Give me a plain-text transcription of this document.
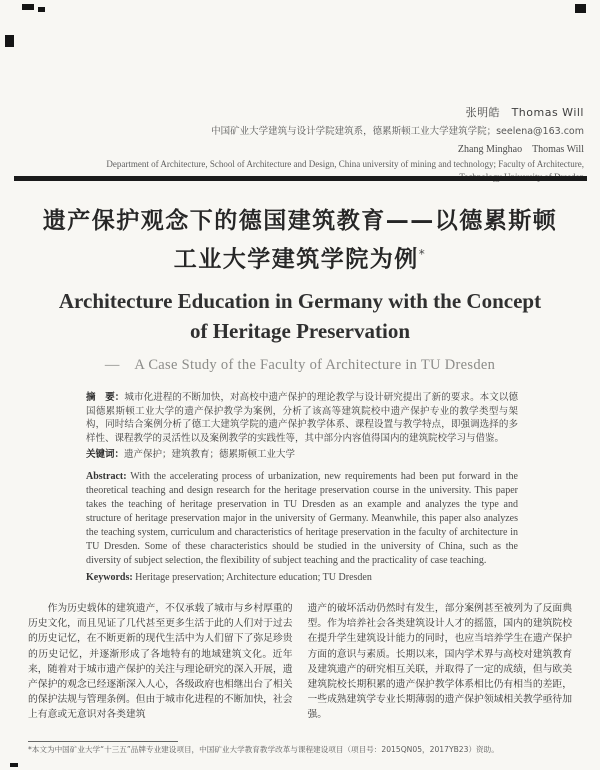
张明皓　Thomas Will
中国矿业大学建筑与设计学院建筑系，德累斯顿工业大学建筑学院；seelena@163.com
Zhang Minghao　Thomas Will
Department of Architecture, School of Architecture and Design, China university of mining and technology; Faculty of Architecture,
遗产保护观念下的德国建筑教育——以德累斯顿
工业大学建筑学院为例*
Architecture Education in Germany with the Concept
of Heritage Preservation
—　A Case Study of the Faculty of Architecture in TU Dresden
摘　要：城市化进程的不断加快，对高校中遗产保护的理论教学与设计研究提出了新的要求。本文以德国德累斯顿工业大学的遗产保护教学为案例，分析了该高等建筑院校中遗产保护专业的教学类型与架构，同时结合案例分析了德工大建筑学院的遗产保护教学体系、课程设置与教学特点，即强调选择的多样性、课程教学的灵活性以及案例教学的实践性等，其中部分内容值得国内的建筑院校学习与借鉴。
关键词：遗产保护；建筑教育；德累斯顿工业大学
Abstract: With the accelerating process of urbanization, new requirements had been put forward in the theoretical teaching and design research for the heritage preservation course in the university. This paper takes the teaching of heritage preservation in TU Dresden as an example and analyzes the type and structure of heritage preservation major in the university of Germany. Meanwhile, this paper also analyzes the teaching system, curriculum and characteristics of heritage preservation in the faculty of architecture in TU Dresden. Some of these characteristics should be studied in the university of China, such as the diversity of subject selection, the flexibility of subject teaching and the practicality of case teaching.
Keywords: Heritage preservation; Architecture education; TU Dresden
作为历史载体的建筑遗产，不仅承载了城市与乡村厚重的历史文化，而且见证了几代甚至更多生活于此的人们对于过去的历史记忆，在不断更新的现代生活中为人们留下了弥足珍贵的历史记忆，并逐渐形成了各地特有的地域建筑文化。近年来，随着对于城市遗产保护的关注与理论研究的深入开展，遗产保护的观念已经逐渐深入人心，各级政府也相继出台了相关的保护法规与管理条例。但由于城市化进程的不断加快，社会上有意或无意识对各类建筑
遗产的破坏活动仍然时有发生，部分案例甚至被列为了反面典型。作为培养社会各类建筑设计人才的摇篮，国内的建筑院校在提升学生建筑设计能力的同时，也应当培养学生在遗产保护方面的意识与素质。长期以来，国内学术界与高校对建筑教育及建筑遗产的研究相互关联，并取得了一定的成绩，但与欧美建筑院校长期积累的遗产保护教学体系相比仍有相当的差距，一些成熟建筑学专业长期薄弱的遗产保护领域相关教学亟待加强。
*本文为中国矿业大学“十三五”品牌专业建设项目，中国矿业大学教育教学改革与课程建设项目（项目号：2015QN05，2017YB23）资助。
